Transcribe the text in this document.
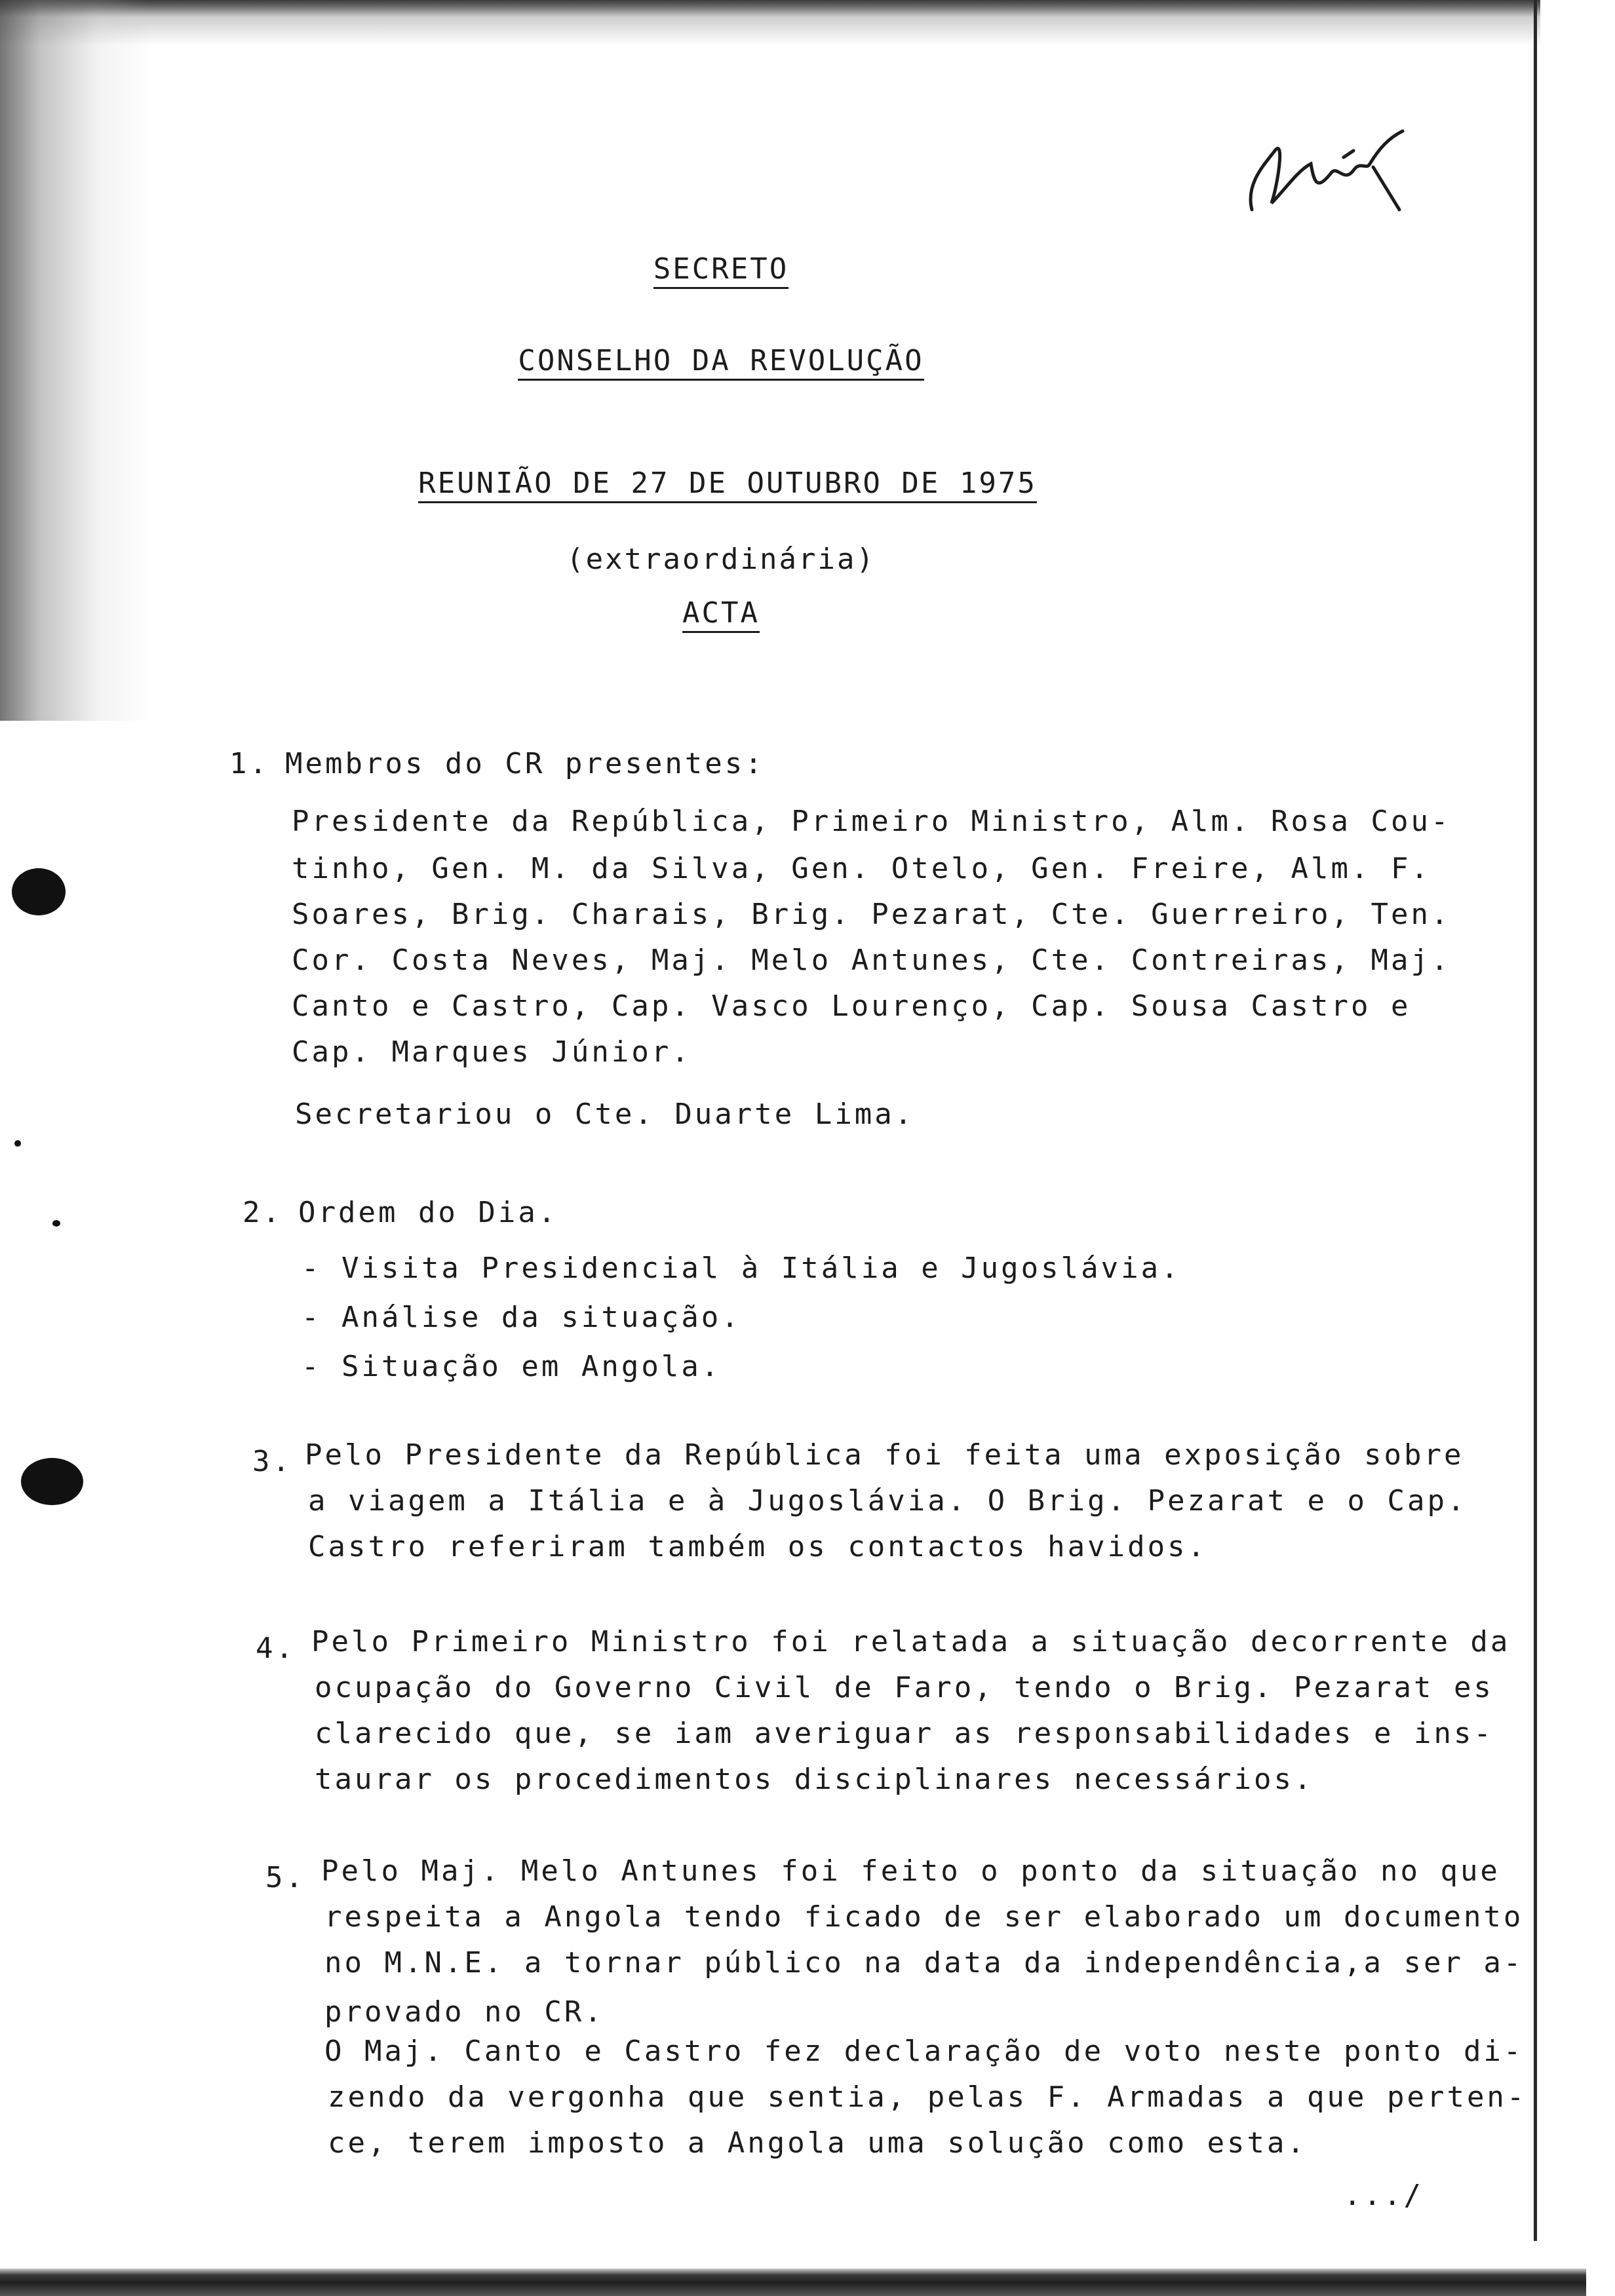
SECRETO
CONSELHO DA REVOLUÇÃO
REUNIÃO DE 27 DE OUTUBRO DE 1975
(extraordinária)
ACTA
1. Membros do CR presentes:
Presidente da República, Primeiro Ministro, Alm. Rosa Cou-
tinho, Gen. M. da Silva, Gen. Otelo, Gen. Freire, Alm. F.
Soares, Brig. Charais, Brig. Pezarat, Cte. Guerreiro, Ten.
Cor. Costa Neves, Maj. Melo Antunes, Cte. Contreiras, Maj.
Canto e Castro, Cap. Vasco Lourenço, Cap. Sousa Castro e
Cap. Marques Júnior.
Secretariou o Cte. Duarte Lima.
2. Ordem do Dia.
- Visita Presidencial à Itália e Jugoslávia.
- Análise da situação.
- Situação em Angola.
3. Pelo Presidente da República foi feita uma exposição sobre
a viagem a Itália e à Jugoslávia. O Brig. Pezarat e o Cap.
Castro referiram também os contactos havidos.
4. Pelo Primeiro Ministro foi relatada a situação decorrente da
ocupação do Governo Civil de Faro, tendo o Brig. Pezarat es
clarecido que, se iam averiguar as responsabilidades e ins-
taurar os procedimentos disciplinares necessários.
5. Pelo Maj. Melo Antunes foi feito o ponto da situação no que
respeita a Angola tendo ficado de ser elaborado um documento
no M.N.E. a tornar público na data da independência,a ser a-
provado no CR.
O Maj. Canto e Castro fez declaração de voto neste ponto di-
zendo da vergonha que sentia, pelas F. Armadas a que perten-
ce, terem imposto a Angola uma solução como esta.
.../
